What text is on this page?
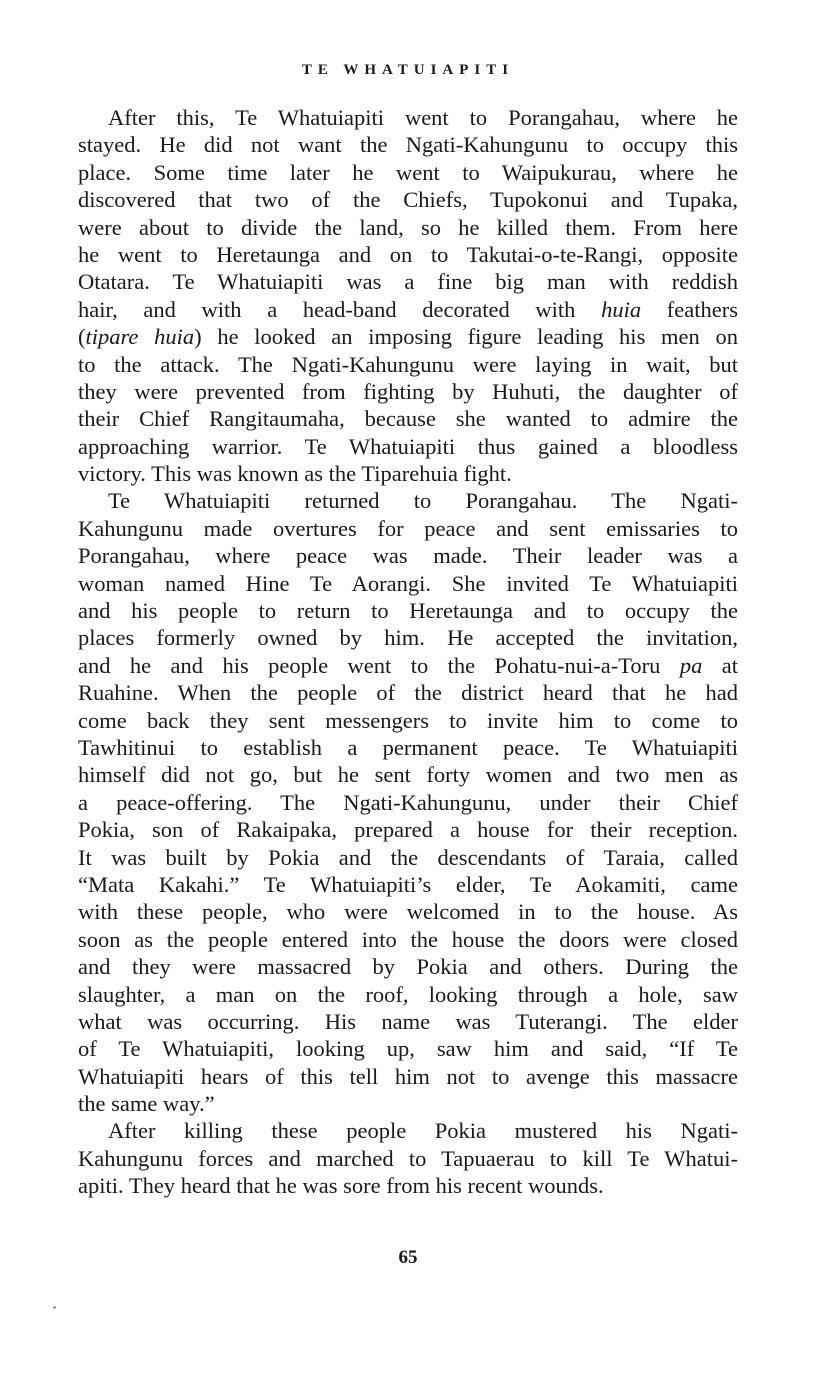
TE WHATUIAPITI
After this, Te Whatuiapiti went to Porangahau, where he
stayed. He did not want the Ngati-Kahungunu to occupy this
place. Some time later he went to Waipukurau, where he
discovered that two of the Chiefs, Tupokonui and Tupaka,
were about to divide the land, so he killed them. From here
he went to Heretaunga and on to Takutai-o-te-Rangi, opposite
Otatara. Te Whatuiapiti was a fine big man with reddish
hair, and with a head-band decorated with huia feathers
(tipare huia) he looked an imposing figure leading his men on
to the attack. The Ngati-Kahungunu were laying in wait, but
they were prevented from fighting by Huhuti, the daughter of
their Chief Rangitaumaha, because she wanted to admire the
approaching warrior. Te Whatuiapiti thus gained a bloodless
victory. This was known as the Tiparehuia fight.
Te Whatuiapiti returned to Porangahau. The Ngati-
Kahungunu made overtures for peace and sent emissaries to
Porangahau, where peace was made. Their leader was a
woman named Hine Te Aorangi. She invited Te Whatuiapiti
and his people to return to Heretaunga and to occupy the
places formerly owned by him. He accepted the invitation,
and he and his people went to the Pohatu-nui-a-Toru pa at
Ruahine. When the people of the district heard that he had
come back they sent messengers to invite him to come to
Tawhitinui to establish a permanent peace. Te Whatuiapiti
himself did not go, but he sent forty women and two men as
a peace-offering. The Ngati-Kahungunu, under their Chief
Pokia, son of Rakaipaka, prepared a house for their reception.
It was built by Pokia and the descendants of Taraia, called
“Mata Kakahi.” Te Whatuiapiti’s elder, Te Aokamiti, came
with these people, who were welcomed in to the house. As
soon as the people entered into the house the doors were closed
and they were massacred by Pokia and others. During the
slaughter, a man on the roof, looking through a hole, saw
what was occurring. His name was Tuterangi. The elder
of Te Whatuiapiti, looking up, saw him and said, “If Te
Whatuiapiti hears of this tell him not to avenge this massacre
the same way.”
After killing these people Pokia mustered his Ngati-
Kahungunu forces and marched to Tapuaerau to kill Te Whatui-
apiti. They heard that he was sore from his recent wounds.
65
